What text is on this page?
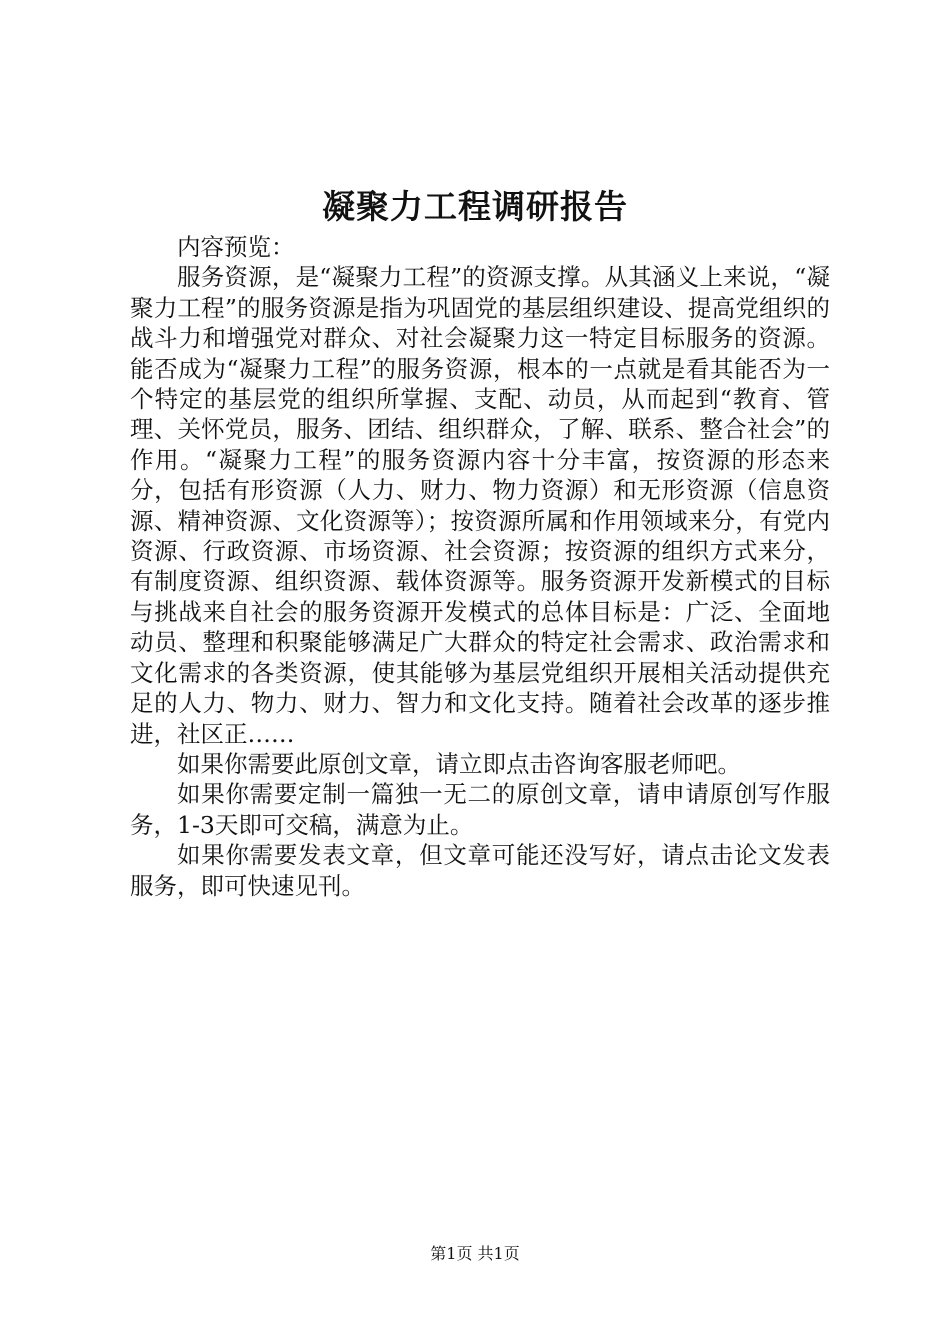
凝聚力工程调研报告

内容预览：

服务资源，是“凝聚力工程”的资源支撑。从其涵义上来说，“凝聚力工程”的服务资源是指为巩固党的基层组织建设、提高党组织的战斗力和增强党对群众、对社会凝聚力这一特定目标服务的资源。能否成为“凝聚力工程”的服务资源，根本的一点就是看其能否为一个特定的基层党的组织所掌握、支配、动员，从而起到“教育、管理、关怀党员，服务、团结、组织群众，了解、联系、整合社会”的作用。“凝聚力工程”的服务资源内容十分丰富，按资源的形态来分，包括有形资源（人力、财力、物力资源）和无形资源（信息资源、精神资源、文化资源等）；按资源所属和作用领域来分，有党内资源、行政资源、市场资源、社会资源；按资源的组织方式来分，有制度资源、组织资源、载体资源等。服务资源开发新模式的目标与挑战来自社会的服务资源开发模式的总体目标是：广泛、全面地动员、整理和积聚能够满足广大群众的特定社会需求、政治需求和文化需求的各类资源，使其能够为基层党组织开展相关活动提供充足的人力、物力、财力、智力和文化支持。随着社会改革的逐步推进，社区正……

如果你需要此原创文章，请立即点击咨询客服老师吧。

如果你需要定制一篇独一无二的原创文章，请申请原创写作服务，1-3天即可交稿，满意为止。

如果你需要发表文章，但文章可能还没写好，请点击论文发表服务，即可快速见刊。

第1页 共1页
